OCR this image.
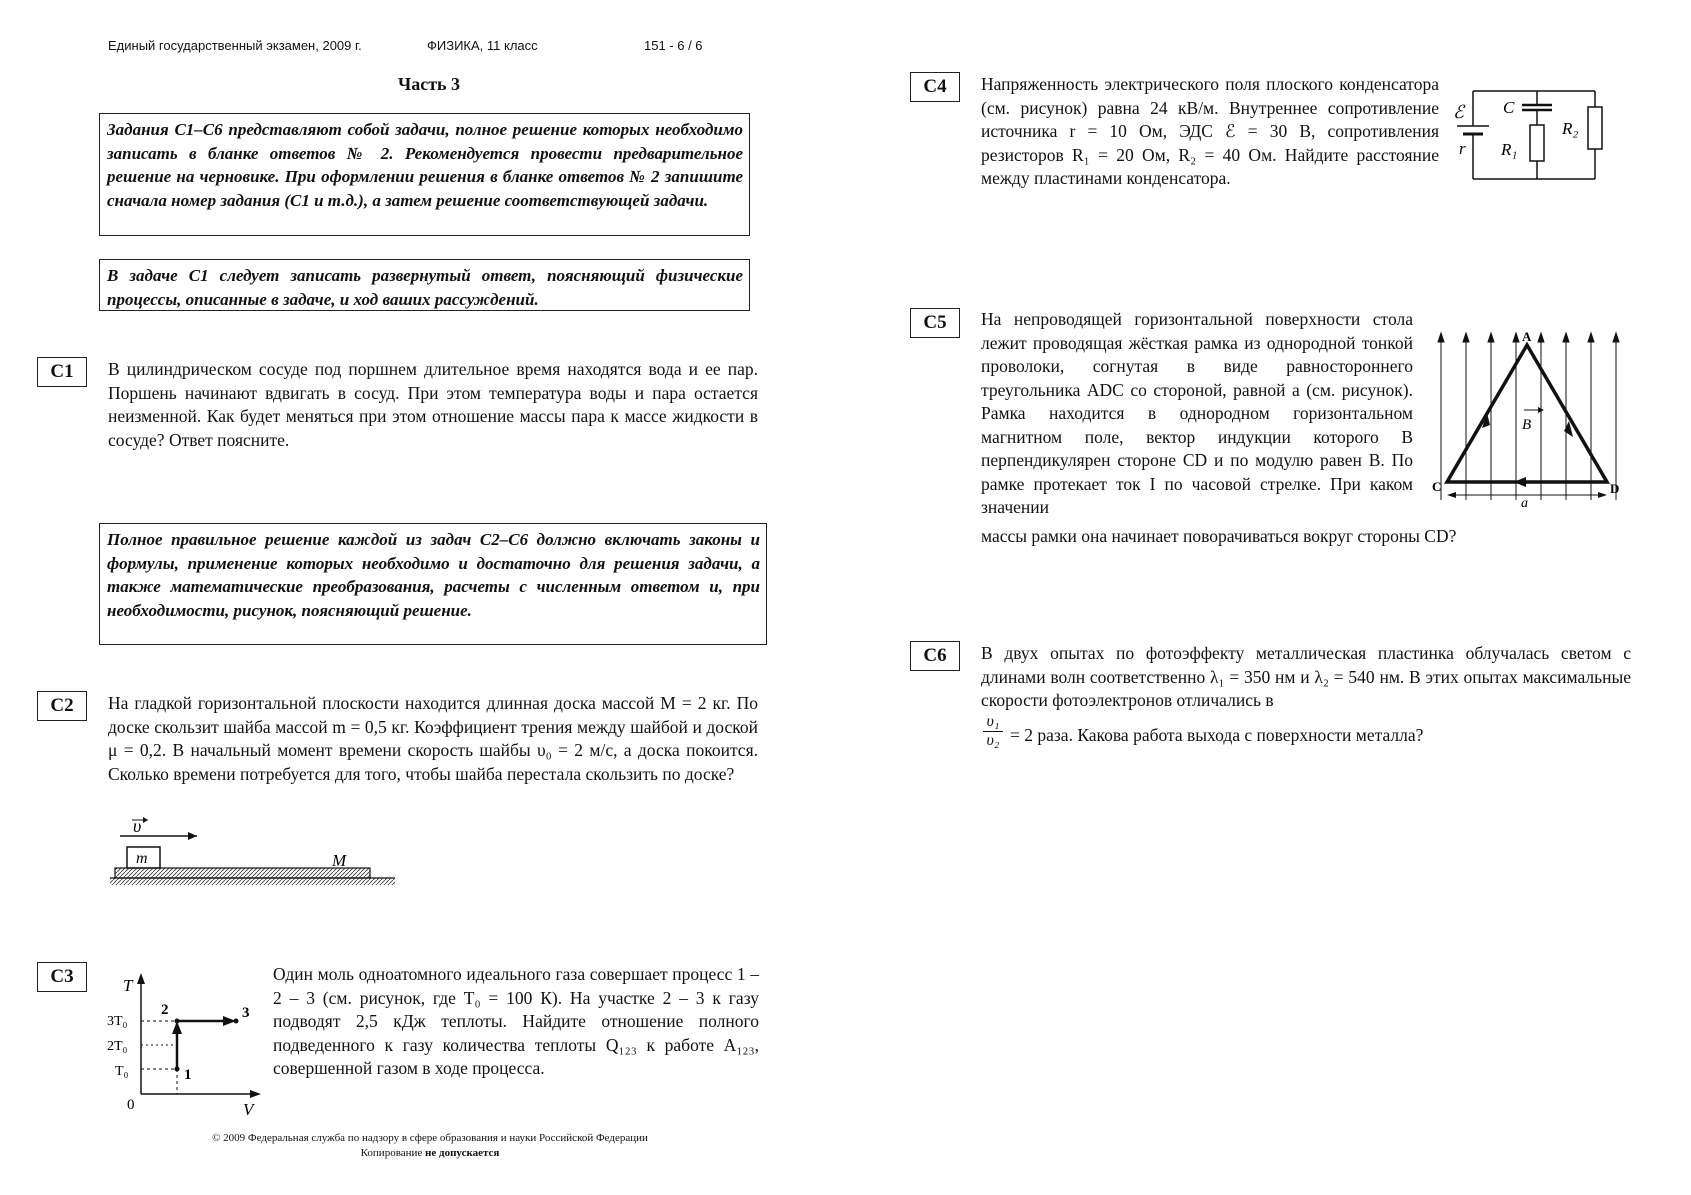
Единый государственный экзамен, 2009 г.	ФИЗИКА, 11 класс	151 - 6 / 6
Часть 3
Задания С1–С6 представляют собой задачи, полное решение которых необходимо записать в бланке ответов № 2. Рекомендуется провести предварительное решение на черновике. При оформлении решения в бланке ответов № 2 запишите сначала номер задания (С1 и т.д.), а затем решение соответствующей задачи.
В задаче С1 следует записать развернутый ответ, поясняющий физические процессы, описанные в задаче, и ход ваших рассуждений.
C1	В цилиндрическом сосуде под поршнем длительное время находятся вода и ее пар. Поршень начинают вдвигать в сосуд. При этом температура воды и пара остается неизменной. Как будет меняться при этом отношение массы пара к массе жидкости в сосуде? Ответ поясните.
Полное правильное решение каждой из задач С2–С6 должно включать законы и формулы, применение которых необходимо и достаточно для решения задачи, а также математические преобразования, расчеты с численным ответом и, при необходимости, рисунок, поясняющий решение.
C2	На гладкой горизонтальной плоскости находится длинная доска массой M = 2 кг. По доске скользит шайба массой m = 0,5 кг. Коэффициент трения между шайбой и доской μ = 0,2. В начальный момент времени скорость шайбы υ₀ = 2 м/с, а доска покоится. Сколько времени потребуется для того, чтобы шайба перестала скользить по доске?
υ
m	M
C3	T
V
0
3T₀
2T₀
T₀	1
2	3
Один моль одноатомного идеального газа совершает процесс 1 – 2 – 3 (см. рисунок, где T₀ = 100 К). На участке 2 – 3 к газу подводят 2,5 кДж теплоты. Найдите отношение полного подведенного к газу количества теплоты Q₁₂₃ к работе A₁₂₃, совершенной газом в ходе процесса.
© 2009 Федеральная служба по надзору в сфере образования и науки Российской Федерации
Копирование не допускается
C4	Напряженность электрического поля плоского конденсатора (см. рисунок) равна 24 кВ/м. Внутреннее сопротивление источника r = 10 Ом, ЭДС ℰ = 30 В, сопротивления резисторов R₁ = 20 Ом, R₂ = 40 Ом. Найдите расстояние между пластинами конденсатора.
ℰ
r
C
R₁
R₂
C5	На непроводящей горизонтальной поверхности стола лежит проводящая жёсткая рамка из однородной тонкой проволоки, согнутая в виде равностороннего треугольника ADC со стороной, равной a (см. рисунок). Рамка находится в однородном горизонтальном магнитном поле, вектор индукции которого B перпендикулярен стороне CD и по модулю равен B. По рамке протекает ток I по часовой стрелке. При каком значении
массы рамки она начинает поворачиваться вокруг стороны CD?
B
a
A
C	D
C6	В двух опытах по фотоэффекту металлическая пластинка облучалась светом с длинами волн соответственно λ₁ = 350 нм и λ₂ = 540 нм. В этих опытах максимальные скорости фотоэлектронов отличались в
$\frac{\text{υ₁}}{\text{υ₂}} = 2$ раза. Какова работа выхода с поверхности металла?
